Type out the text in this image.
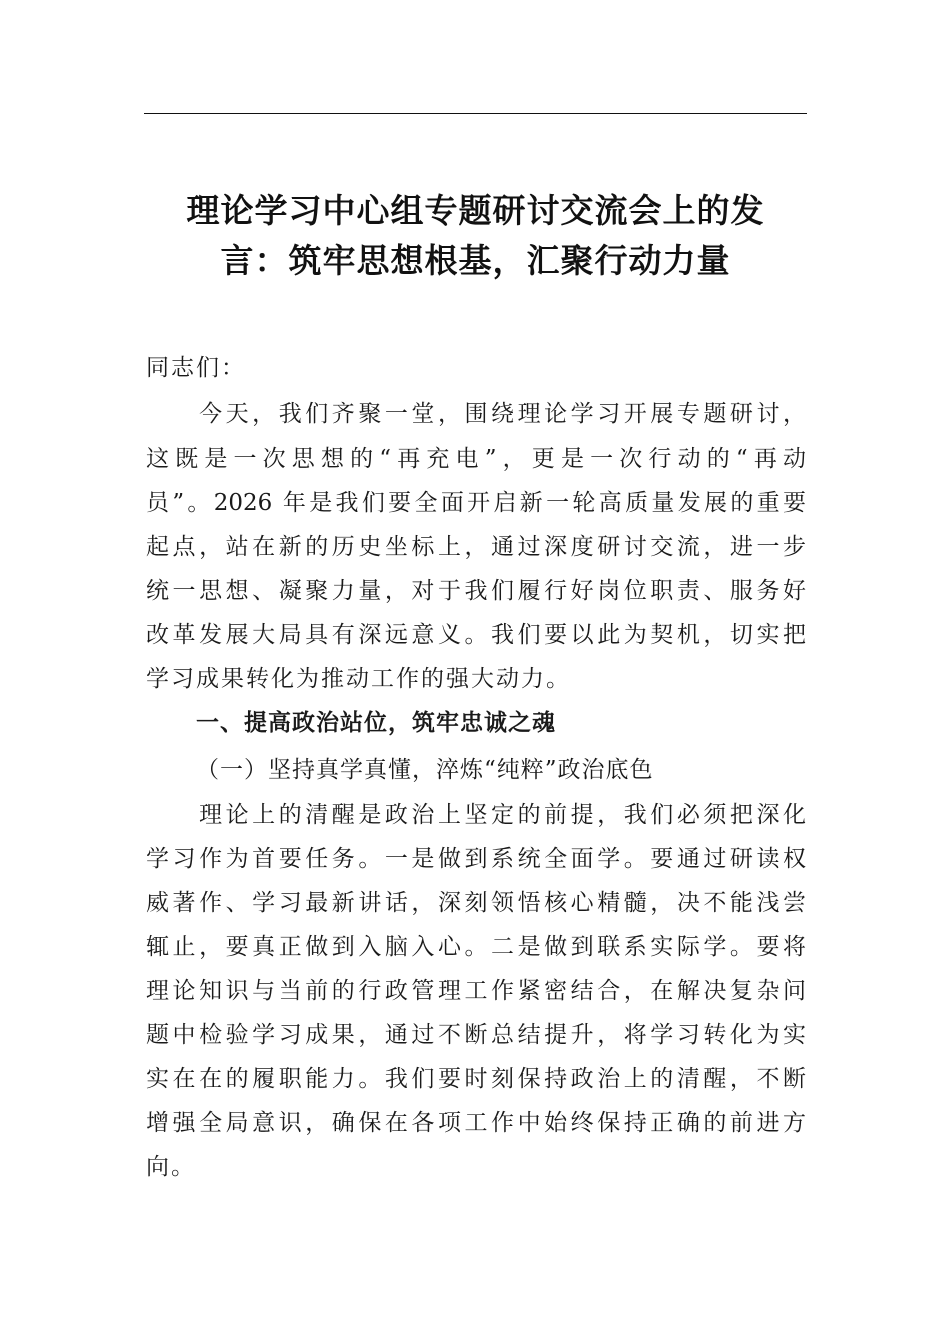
理论学习中心组专题研讨交流会上的发
言：筑牢思想根基，汇聚行动力量
同志们：
　　今天，我们齐聚一堂，围绕理论学习开展专题研讨，
这既是一次思想的“再充电”，更是一次行动的“再动
员”。2026 年是我们要全面开启新一轮高质量发展的重要
起点，站在新的历史坐标上，通过深度研讨交流，进一步
统一思想、凝聚力量，对于我们履行好岗位职责、服务好
改革发展大局具有深远意义。我们要以此为契机，切实把
学习成果转化为推动工作的强大动力。
一、提高政治站位，筑牢忠诚之魂
（一）坚持真学真懂，淬炼“纯粹”政治底色
　　理论上的清醒是政治上坚定的前提，我们必须把深化
学习作为首要任务。一是做到系统全面学。要通过研读权
威著作、学习最新讲话，深刻领悟核心精髓，决不能浅尝
辄止，要真正做到入脑入心。二是做到联系实际学。要将
理论知识与当前的行政管理工作紧密结合，在解决复杂问
题中检验学习成果，通过不断总结提升，将学习转化为实
实在在的履职能力。我们要时刻保持政治上的清醒，不断
增强全局意识，确保在各项工作中始终保持正确的前进方
向。
